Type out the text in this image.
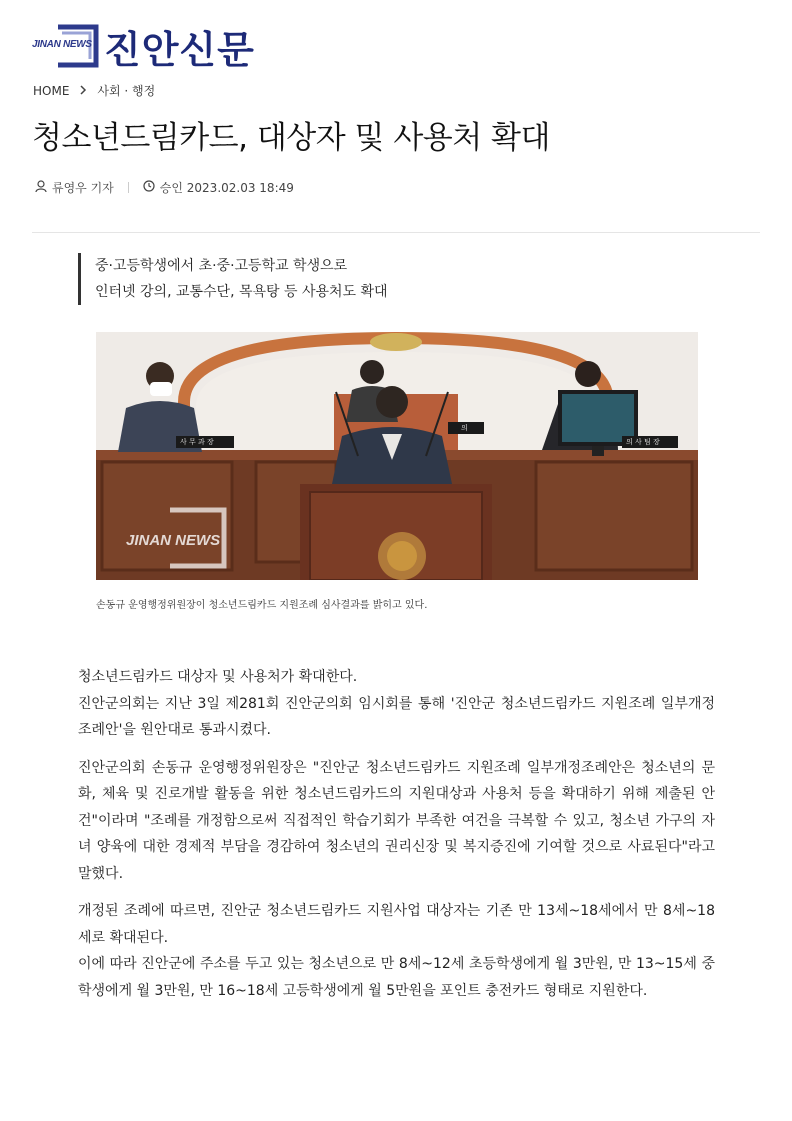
JINAN NEWS 진안신문
HOME 사회 · 행정
청소년드림카드, 대상자 및 사용처 확대
류영우 기자	승인 2023.02.03 18:49
중·고등학생에서 초·중·고등학교 학생으로
인터넷 강의, 교통수단, 목욕탕 등 사용처도 확대
사 무 과 장
의
의 사 팀 장
JINAN NEWS
손동규 운영행정위원장이 청소년드림카드 지원조례 심사결과를 밝히고 있다.

청소년드림카드 대상자 및 사용처가 확대한다.
진안군의회는 지난 3일 제281회 진안군의회 임시회를 통해 '진안군 청소년드림카드 지원조례 일부개정조례안'을 원안대로 통과시켰다.

진안군의회 손동규 운영행정위원장은 "진안군 청소년드림카드 지원조례 일부개정조례안은 청소년의 문화, 체육 및 진로개발 활동을 위한 청소년드림카드의 지원대상과 사용처 등을 확대하기 위해 제출된 안건"이라며 "조례를 개정함으로써 직접적인 학습기회가 부족한 여건을 극복할 수 있고, 청소년 가구의 자녀 양육에 대한 경제적 부담을 경감하여 청소년의 권리신장 및 복지증진에 기여할 것으로 사료된다"라고 말했다.

개정된 조례에 따르면, 진안군 청소년드림카드 지원사업 대상자는 기존 만 13세~18세에서 만 8세~18세로 확대된다.
이에 따라 진안군에 주소를 두고 있는 청소년으로 만 8세~12세 초등학생에게 월 3만원, 만 13~15세 중학생에게 월 3만원, 만 16~18세 고등학생에게 월 5만원을 포인트 충전카드 형태로 지원한다.
